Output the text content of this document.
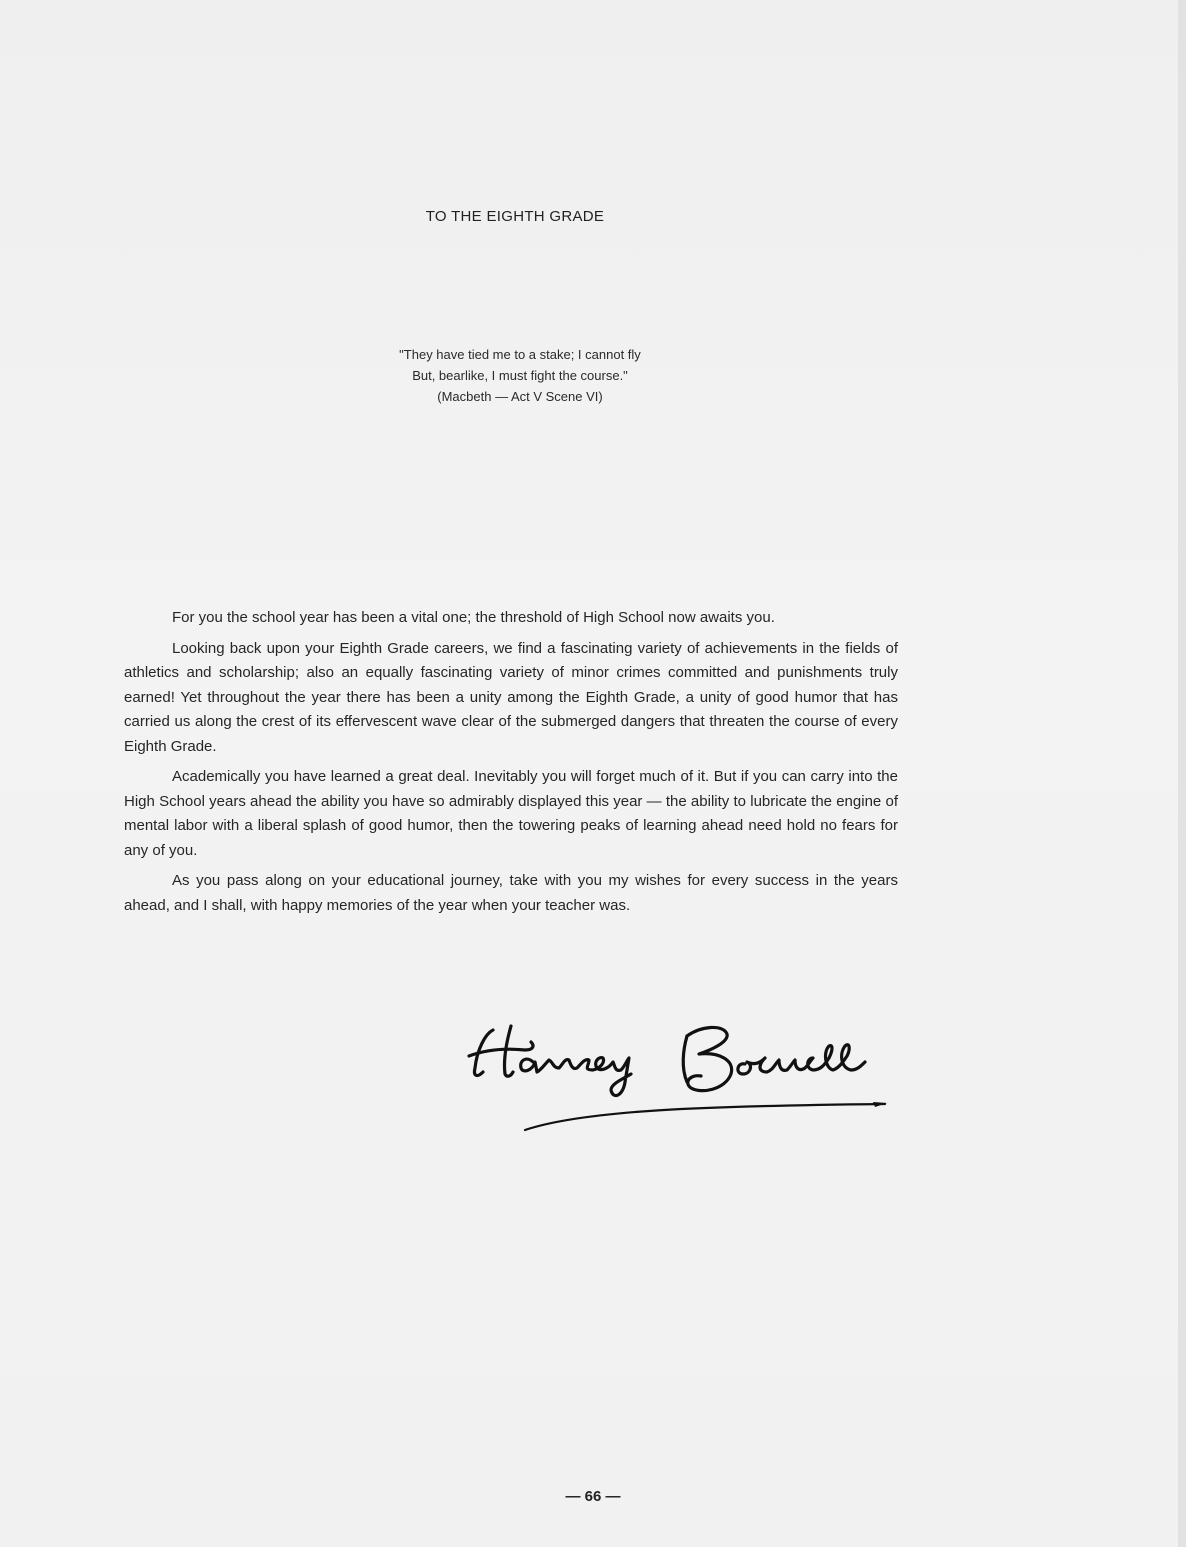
TO THE EIGHTH GRADE
"They have tied me to a stake; I cannot fly
But, bearlike, I must fight the course."
(Macbeth — Act V Scene VI)

For you the school year has been a vital one; the threshold of High School now awaits you.

Looking back upon your Eighth Grade careers, we find a fascinating variety of achievements in the fields of athletics and scholarship; also an equally fascinating variety of minor crimes committed and punishments truly earned! Yet throughout the year there has been a unity among the Eighth Grade, a unity of good humor that has carried us along the crest of its effervescent wave clear of the submerged dangers that threaten the course of every Eighth Grade.

Academically you have learned a great deal. Inevitably you will forget much of it. But if you can carry into the High School years ahead the ability you have so admirably displayed this year — the ability to lubricate the engine of mental labor with a liberal splash of good humor, then the towering peaks of learning ahead need hold no fears for any of you.

As you pass along on your educational journey, take with you my wishes for every success in the years ahead, and I shall, with happy memories of the year when your teacher was.

— 66 —
